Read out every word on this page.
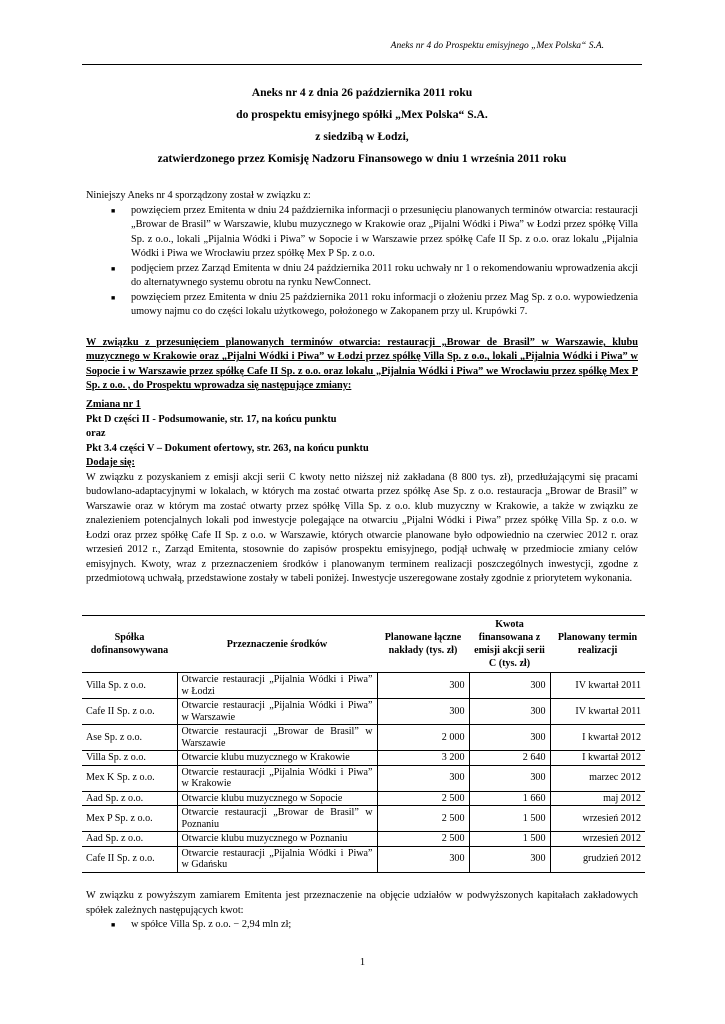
Aneks nr 4 do Prospektu emisyjnego „Mex Polska“ S.A.
Aneks nr 4 z dnia 26 października 2011 roku
do prospektu emisyjnego spółki „Mex Polska“ S.A.
z siedzibą w Łodzi,
zatwierdzonego przez Komisję Nadzoru Finansowego w dniu 1 września 2011 roku
Niniejszy Aneks nr 4 sporządzony został w związku z:
■ powzięciem przez Emitenta w dniu 24 października informacji o przesunięciu planowanych terminów otwarcia: restauracji „Browar de Brasil” w Warszawie, klubu muzycznego w Krakowie oraz „Pijalni Wódki i Piwa” w Łodzi przez spółkę Villa Sp. z o.o., lokali „Pijalnia Wódki i Piwa” w Sopocie i w Warszawie przez spółkę Cafe II Sp. z o.o. oraz lokalu „Pijalnia Wódki i Piwa we Wrocławiu przez spółkę Mex P Sp. z o.o.
■ podjęciem przez Zarząd Emitenta w dniu 24 października 2011 roku uchwały nr 1 o rekomendowaniu wprowadzenia akcji do alternatywnego systemu obrotu na rynku NewConnect.
■ powzięciem przez Emitenta w dniu 25 października 2011 roku informacji o złożeniu przez Mag Sp. z o.o. wypowiedzenia umowy najmu co do części lokalu użytkowego, położonego w Zakopanem przy ul. Krupówki 7.
W związku z przesunięciem planowanych terminów otwarcia: restauracji „Browar de Brasil” w Warszawie, klubu muzycznego w Krakowie oraz „Pijalni Wódki i Piwa” w Łodzi przez spółkę Villa Sp. z o.o., lokali „Pijalnia Wódki i Piwa” w Sopocie i w Warszawie przez spółkę Cafe II Sp. z o.o. oraz lokalu „Pijalnia Wódki i Piwa” we Wrocławiu przez spółkę Mex P Sp. z o.o. , do Prospektu wprowadza się następujące zmiany:
Zmiana nr 1
Pkt D części II - Podsumowanie, str. 17, na końcu punktu
oraz
Pkt 3.4 części V – Dokument ofertowy, str. 263, na końcu punktu
Dodaje się:
W związku z pozyskaniem z emisji akcji serii C kwoty netto niższej niż zakładana (8 800 tys. zł), przedłużającymi się pracami budowlano-adaptacyjnymi w lokalach, w których ma zostać otwarta przez spółkę Ase Sp. z o.o. restauracja „Browar de Brasil” w Warszawie oraz w którym ma zostać otwarty przez spółkę Villa Sp. z o.o. klub muzyczny w Krakowie, a także w związku ze znalezieniem potencjalnych lokali pod inwestycje polegające na otwarciu „Pijalni Wódki i Piwa” przez spółkę Villa Sp. z o.o. w Łodzi oraz przez spółkę Cafe II Sp. z o.o. w Warszawie, których otwarcie planowane było odpowiednio na czerwiec 2012 r. oraz wrzesień 2012 r., Zarząd Emitenta, stosownie do zapisów prospektu emisyjnego, podjął uchwałę w przedmiocie zmiany celów emisyjnych. Kwoty, wraz z przeznaczeniem środków i planowanym terminem realizacji poszczególnych inwestycji, zgodne z przedmiotową uchwałą, przedstawione zostały w tabeli poniżej. Inwestycje uszeregowane zostały zgodnie z priorytetem wykonania.
Spółka dofinansowywana	Przeznaczenie środków	Planowane łączne nakłady (tys. zł)	Kwota finansowana z emisji akcji serii C (tys. zł)	Planowany termin realizacji
Villa Sp. z o.o.	Otwarcie restauracji „Pijalnia Wódki i Piwa” w Łodzi	300	300	IV kwartał 2011
Cafe II Sp. z o.o.	Otwarcie restauracji „Pijalnia Wódki i Piwa” w Warszawie	300	300	IV kwartał 2011
Ase Sp. z o.o.	Otwarcie restauracji „Browar de Brasil” w Warszawie	2 000	300	I kwartał 2012
Villa Sp. z o.o.	Otwarcie klubu muzycznego w Krakowie	3 200	2 640	I kwartał 2012
Mex K Sp. z o.o.	Otwarcie restauracji „Pijalnia Wódki i Piwa” w Krakowie	300	300	marzec 2012
Aad Sp. z o.o.	Otwarcie klubu muzycznego w Sopocie	2 500	1 660	maj 2012
Mex P Sp. z o.o.	Otwarcie restauracji „Browar de Brasil” w Poznaniu	2 500	1 500	wrzesień 2012
Aad Sp. z o.o.	Otwarcie klubu muzycznego w Poznaniu	2 500	1 500	wrzesień 2012
Cafe II Sp. z o.o.	Otwarcie restauracji „Pijalnia Wódki i Piwa” w Gdańsku	300	300	grudzień 2012
W związku z powyższym zamiarem Emitenta jest przeznaczenie na objęcie udziałów w podwyższonych kapitałach zakładowych spółek zależnych następujących kwot:
■ w spółce Villa Sp. z o.o. − 2,94 mln zł;
1
